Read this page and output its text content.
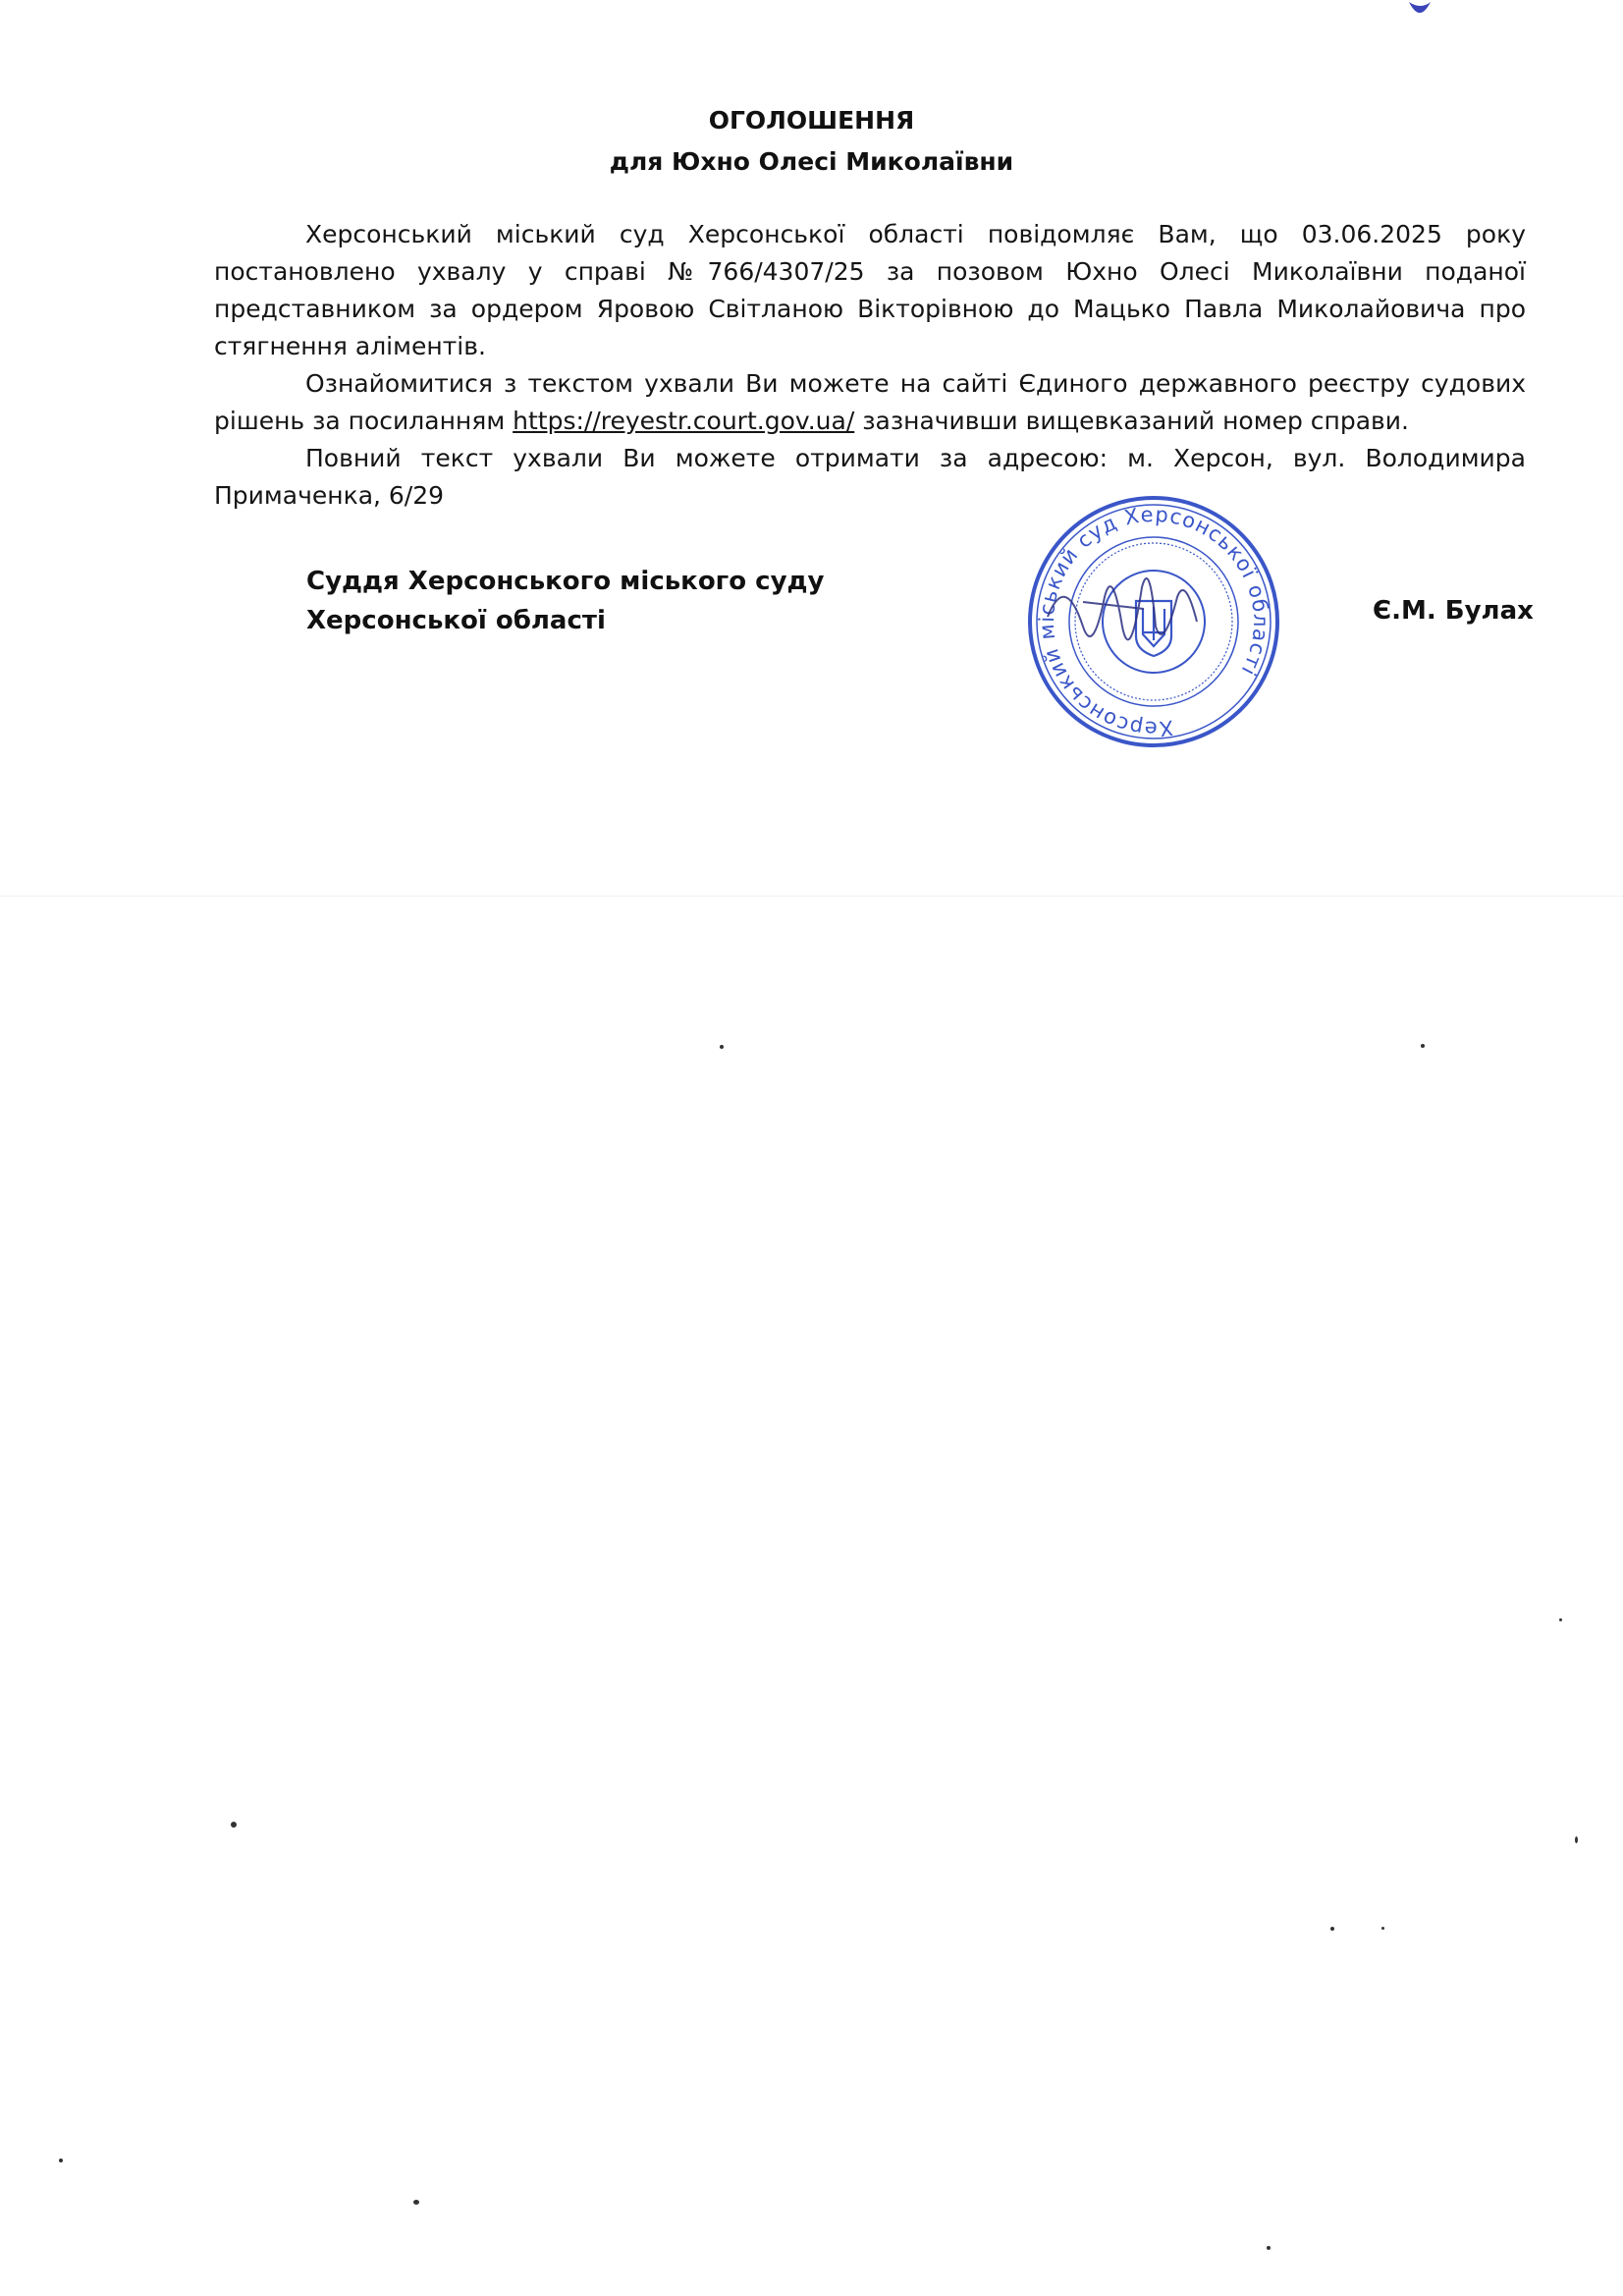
ОГОЛОШЕННЯ
для Юхно Олесі Миколаївни

Херсонський міський суд Херсонської області повідомляє Вам, що 03.06.2025 року постановлено ухвалу у справі №766/4307/25 за позовом Юхно Олесі Миколаївни поданої представником за ордером Яровою Світланою Вікторівною до Мацько Павла Миколайовича про стягнення аліментів.

Ознайомитися з текстом ухвали Ви можете на сайті Єдиного державного реєстру судових рішень за посиланням https://reyestr.court.gov.ua/ зазначивши вищевказаний номер справи.

Повний текст ухвали Ви можете отримати за адресою: м. Херсон, вул. Володимира Примаченка, 6/29

Суддя Херсонського міського суду
Херсонської області	Є.М. Булах
Херсонський міський суд Херсонської області
